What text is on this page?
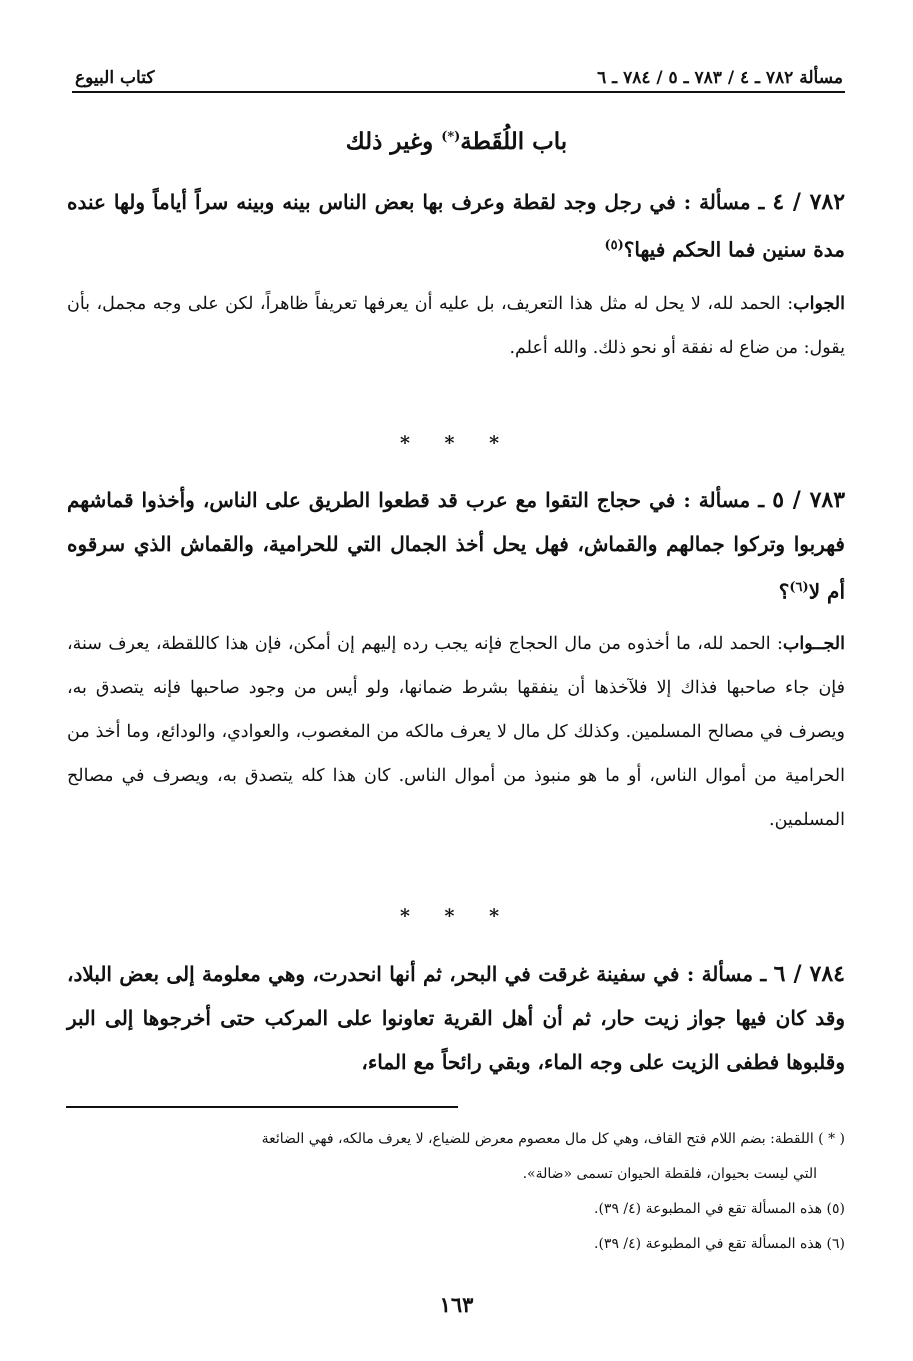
مسألة ٧٨٢ ـ ٤ / ٧٨٣ ـ ٥ / ٧٨٤ ـ ٦
كتاب البيوع
باب اللُقَطة(*) وغير ذلك
٧٨٢ / ٤ ـ مسألة : في رجل وجد لقطة وعرف بها بعض الناس بينه وبينه سراً أياماً ولها عنده مدة سنين فما الحكم فيها؟$^{(٥)}$
الجواب: الحمد لله، لا يحل له مثل هذا التعريف، بل عليه أن يعرفها تعريفاً ظاهراً، لكن على وجه مجمل، بأن يقول: من ضاع له نفقة أو نحو ذلك. والله أعلم.
* * *
٧٨٣ / ٥ ـ مسألة : في حجاج التقوا مع عرب قد قطعوا الطريق على الناس، وأخذوا قماشهم فهربوا وتركوا جمالهم والقماش، فهل يحل أخذ الجمال التي للحرامية، والقماش الذي سرقوه أم لا$^{(٦)}$؟
الجــواب: الحمد لله، ما أخذوه من مال الحجاج فإنه يجب رده إليهم إن أمكن، فإن هذا كاللقطة، يعرف سنة، فإن جاء صاحبها فذاك إلا فلآخذها أن ينفقها بشرط ضمانها، ولو أيس من وجود صاحبها فإنه يتصدق به، ويصرف في مصالح المسلمين. وكذلك كل مال لا يعرف مالكه من المغصوب، والعوادي، والودائع، وما أخذ من الحرامية من أموال الناس، أو ما هو منبوذ من أموال الناس. كان هذا كله يتصدق به، ويصرف في مصالح المسلمين.
* * *
٧٨٤ / ٦ ـ مسألة : في سفينة غرقت في البحر، ثم أنها انحدرت، وهي معلومة إلى بعض البلاد، وقد كان فيها جواز زيت حار، ثم أن أهل القرية تعاونوا على المركب حتى أخرجوها إلى البر وقلبوها فطفى الزيت على وجه الماء، وبقي رائحاً مع الماء،

( * ) اللقطة: بضم اللام فتح القاف، وهي كل مال معصوم معرض للضياع، لا يعرف مالكه، فهي الضائعة

التي ليست بحيوان، فلقطة الحيوان تسمى «ضالة».

(٥) هذه المسألة تقع في المطبوعة (٤/ ٣٩).

(٦) هذه المسألة تقع في المطبوعة (٤/ ٣٩).

١٦٣
